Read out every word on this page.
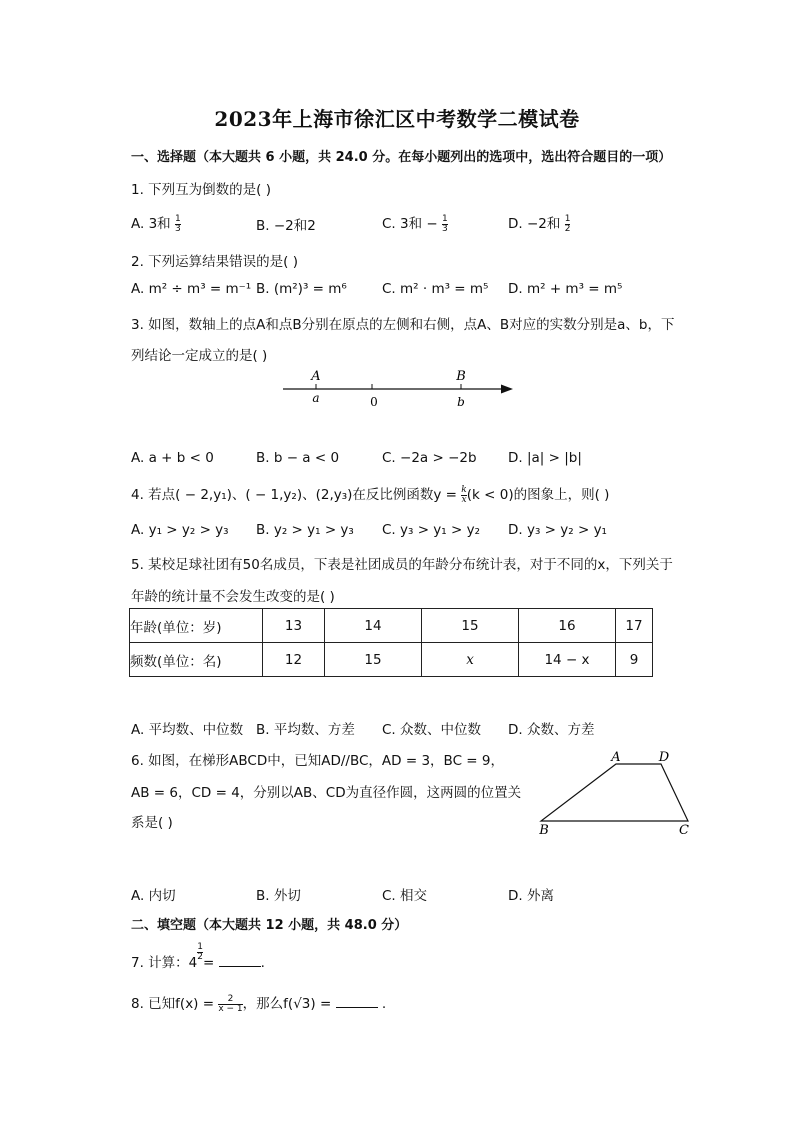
2023年上海市徐汇区中考数学二模试卷
一、选择题（本大题共 6 小题，共 24.0 分。在每小题列出的选项中，选出符合题目的一项）
1. 下列互为倒数的是( )
A. 3和 $\frac{1}{3}$	B. −2和2	C. 3和 − $\frac{1}{3}$	D. −2和 $\frac{1}{2}$
2. 下列运算结果错误的是( )
A. m² ÷ m³ = m⁻¹ B. (m²)³ = m⁶	C. m² · m³ = m⁵ D. m² + m³ = m⁵
3. 如图，数轴上的点A和点B分别在原点的左侧和右侧，点A、B对应的实数分别是a、b，下
列结论一定成立的是( )
A
a	0
B
b
A. a + b < 0	B. b − a < 0	C. −2a > −2b D. |a| > |b|
4. 若点( − 2,y₁)、( − 1,y₂)、(2,y₃)在反比例函数$y = \frac{k}{x} (k < 0)$的图象上，则( )
A. y₁ > y₂ > y₃ B. y₂ > y₁ > y₃ C. y₃ > y₁ > y₂ D. y₃ > y₂ > y₁
5. 某校足球社团有50名成员，下表是社团成员的年龄分布统计表，对于不同的x，下列关于
年龄的统计量不会发生改变的是( )
年龄(单位：岁)	13	14	15	16	17
频数(单位：名)	12	15	x	14 − x	9
A. 平均数、中位数 B. 平均数、方差 C. 众数、中位数 D. 众数、方差
6. 如图，在梯形ABCD中，已知AD//BC，AD = 3，BC = 9，
AB = 6，CD = 4，分别以AB、CD为直径作圆，这两圆的位置关
系是( )
A	D
B	C
A. 内切	B. 外切	C. 相交	D. 外离
二、填空题（本大题共 12 小题，共 48.0 分）
7. 计算：4
$\frac{1}{2}$
=	.
8. 已知$f(x) = \frac{2}{x - 1}$ ，那么f(√3) =	.
